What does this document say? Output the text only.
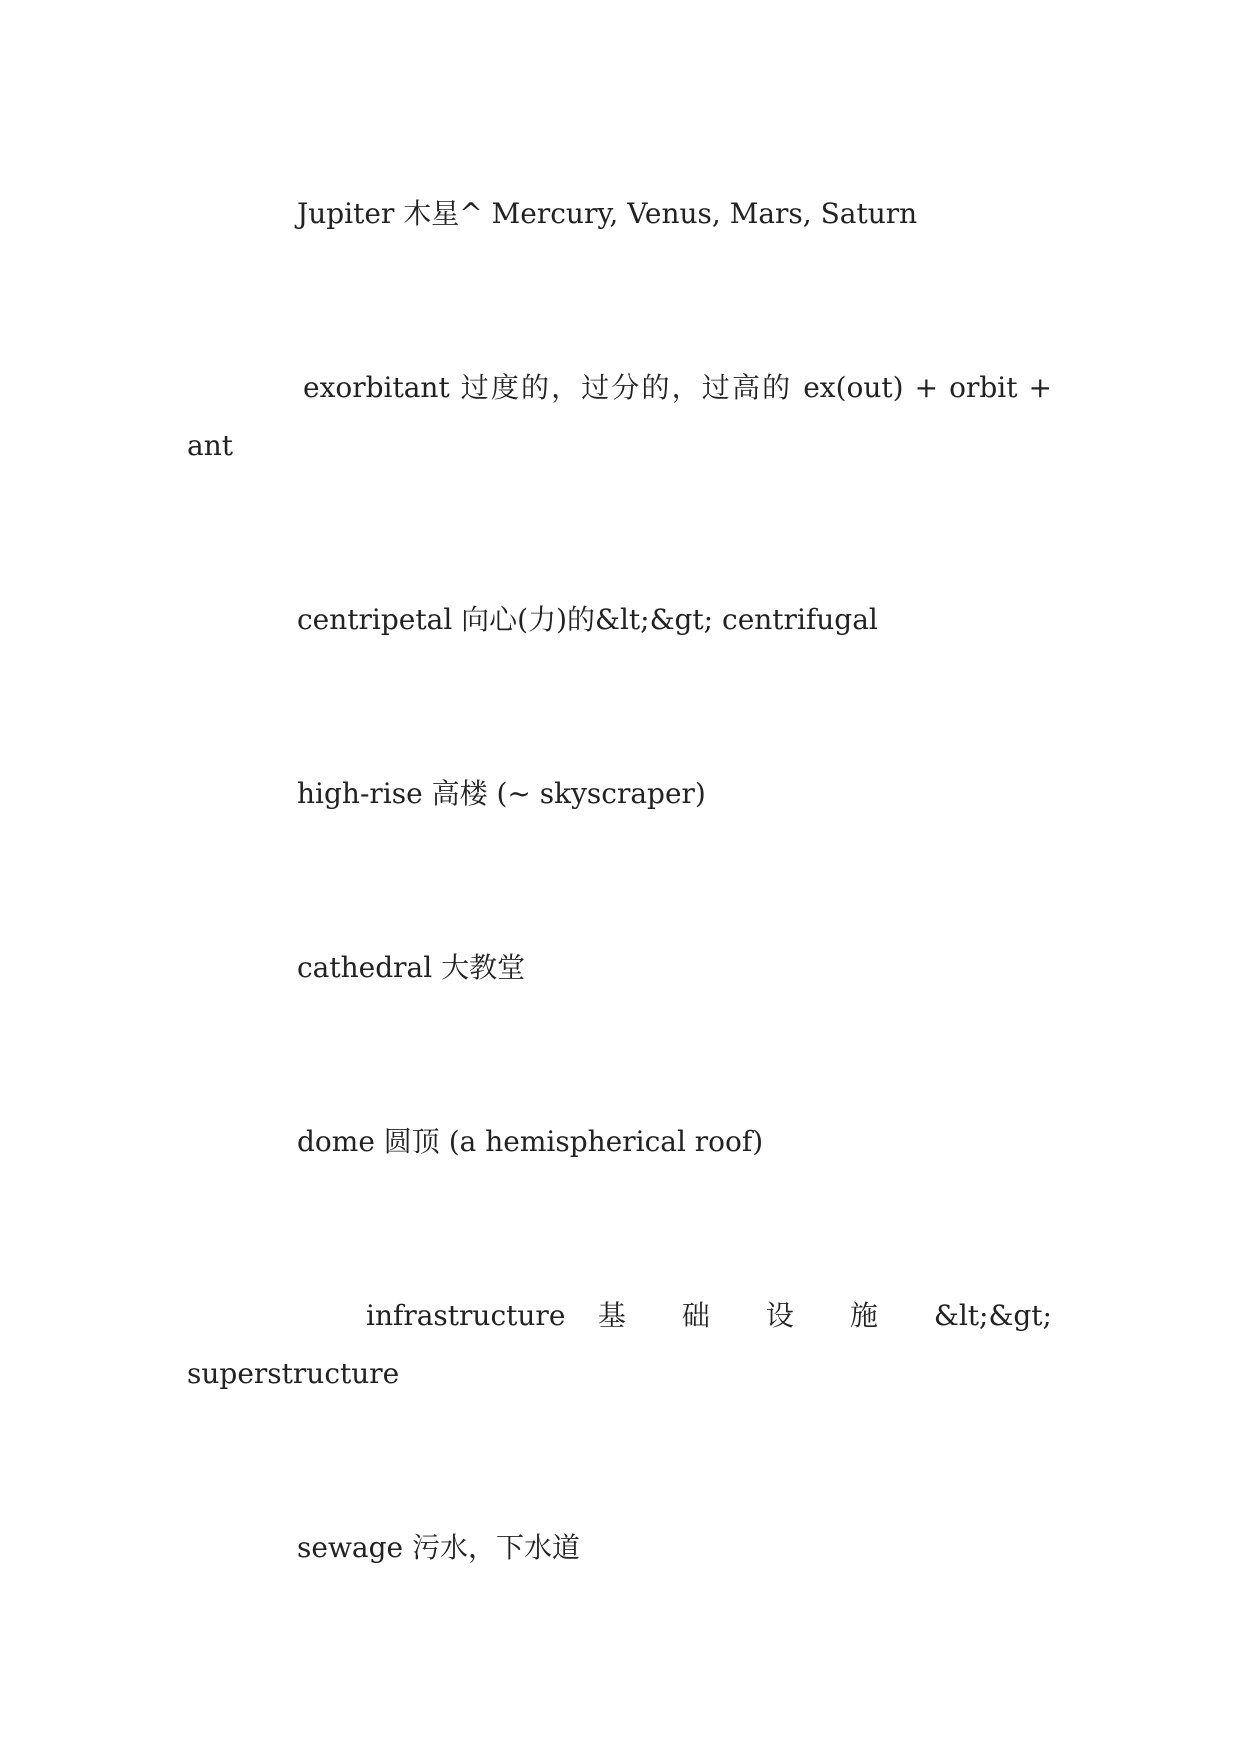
Jupiter 木星^ Mercury, Venus, Mars, Saturn

exorbitant 过度的，过分的，过高的 ex(out) + orbit + ant

centripetal 向心(力)的&lt;&gt; centrifugal

high-rise 高楼 (~ skyscraper)

cathedral 大教堂

dome 圆顶 (a hemispherical roof)

infrastructure 基 础 设 施 &lt;&gt; superstructure

sewage 污水，下水道
